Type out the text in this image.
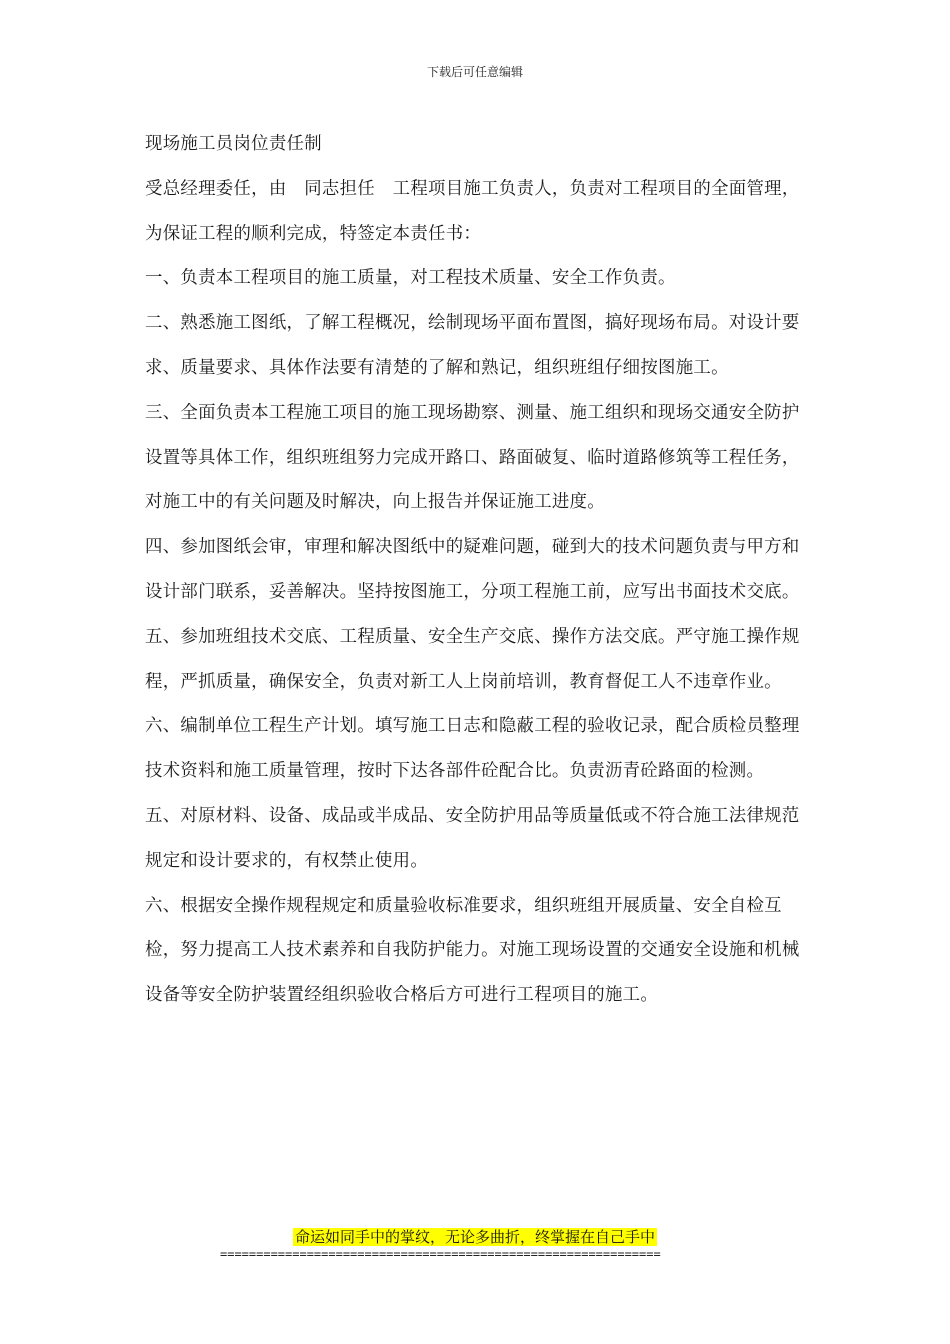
下载后可任意编辑

现场施工员岗位责任制

受总经理委任，由　同志担任　工程项目施工负责人，负责对工程项目的全面管理，为保证工程的顺利完成，特签定本责任书：

一、负责本工程项目的施工质量，对工程技术质量、安全工作负责。

二、熟悉施工图纸，了解工程概况，绘制现场平面布置图，搞好现场布局。对设计要求、质量要求、具体作法要有清楚的了解和熟记，组织班组仔细按图施工。

三、全面负责本工程施工项目的施工现场勘察、测量、施工组织和现场交通安全防护设置等具体工作，组织班组努力完成开路口、路面破复、临时道路修筑等工程任务，对施工中的有关问题及时解决，向上报告并保证施工进度。

四、参加图纸会审，审理和解决图纸中的疑难问题，碰到大的技术问题负责与甲方和设计部门联系，妥善解决。坚持按图施工，分项工程施工前，应写出书面技术交底。

五、参加班组技术交底、工程质量、安全生产交底、操作方法交底。严守施工操作规程，严抓质量，确保安全，负责对新工人上岗前培训，教育督促工人不违章作业。

六、编制单位工程生产计划。填写施工日志和隐蔽工程的验收记录，配合质检员整理技术资料和施工质量管理，按时下达各部件砼配合比。负责沥青砼路面的检测。

五、对原材料、设备、成品或半成品、安全防护用品等质量低或不符合施工法律规范规定和设计要求的，有权禁止使用。

六、根据安全操作规程规定和质量验收标准要求，组织班组开展质量、安全自检互检，努力提高工人技术素养和自我防护能力。对施工现场设置的交通安全设施和机械设备等安全防护装置经组织验收合格后方可进行工程项目的施工。

命运如同手中的掌纹，无论多曲折，终掌握在自己手中
=============================================================
